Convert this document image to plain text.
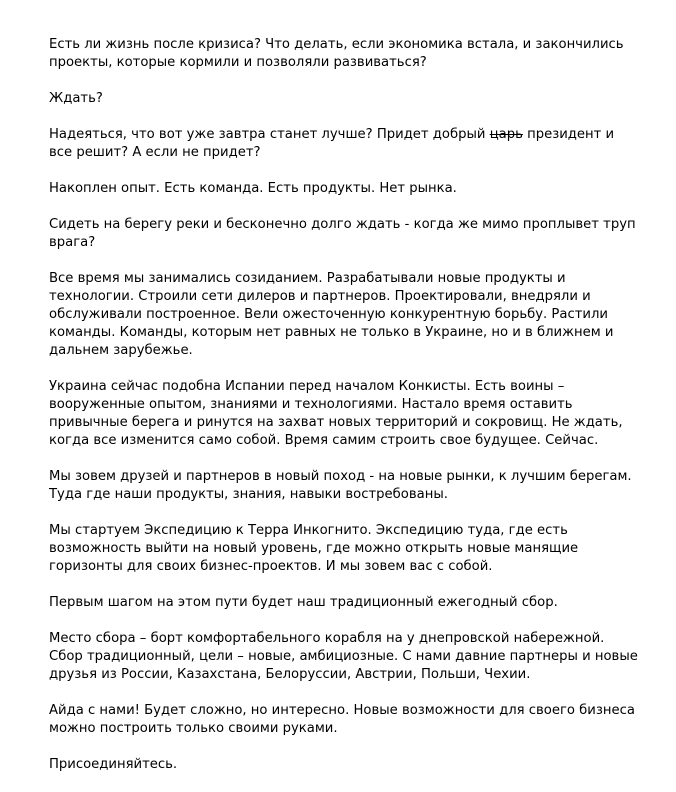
Есть ли жизнь после кризиса? Что делать, если экономика встала, и закончились проекты, которые кормили и позволяли развиваться?

Ждать?

Надеяться, что вот уже завтра станет лучше? Придет добрый царь президент и все решит? А если не придет?

Накоплен опыт. Есть команда. Есть продукты. Нет рынка.

Сидеть на берегу реки и бесконечно долго ждать - когда же мимо проплывет труп врага?

Все время мы занимались созиданием. Разрабатывали новые продукты и технологии. Строили сети дилеров и партнеров. Проектировали, внедряли и обслуживали построенное. Вели ожесточенную конкурентную борьбу. Растили команды. Команды, которым нет равных не только в Украине, но и в ближнем и дальнем зарубежье.

Украина сейчас подобна Испании перед началом Конкисты. Есть воины – вооруженные опытом, знаниями и технологиями. Настало время оставить привычные берега и ринутся на захват новых территорий и сокровищ. Не ждать, когда все изменится само собой. Время самим строить свое будущее. Сейчас.

Мы зовем друзей и партнеров в новый поход - на новые рынки, к лучшим берегам. Туда где наши продукты, знания, навыки востребованы.

Мы стартуем Экспедицию к Терра Инкогнито. Экспедицию туда, где есть возможность выйти на новый уровень, где можно открыть новые манящие горизонты для своих бизнес-проектов. И мы зовем вас с собой.

Первым шагом на этом пути будет наш традиционный ежегодный сбор.

Место сбора – борт комфортабельного корабля на у днепровской набережной. Сбор традиционный, цели – новые, амбициозные. С нами давние партнеры и новые друзья из России, Казахстана, Белоруссии, Австрии, Польши, Чехии.

Айда с нами! Будет сложно, но интересно. Новые возможности для своего бизнеса можно построить только своими руками.

Присоединяйтесь.
